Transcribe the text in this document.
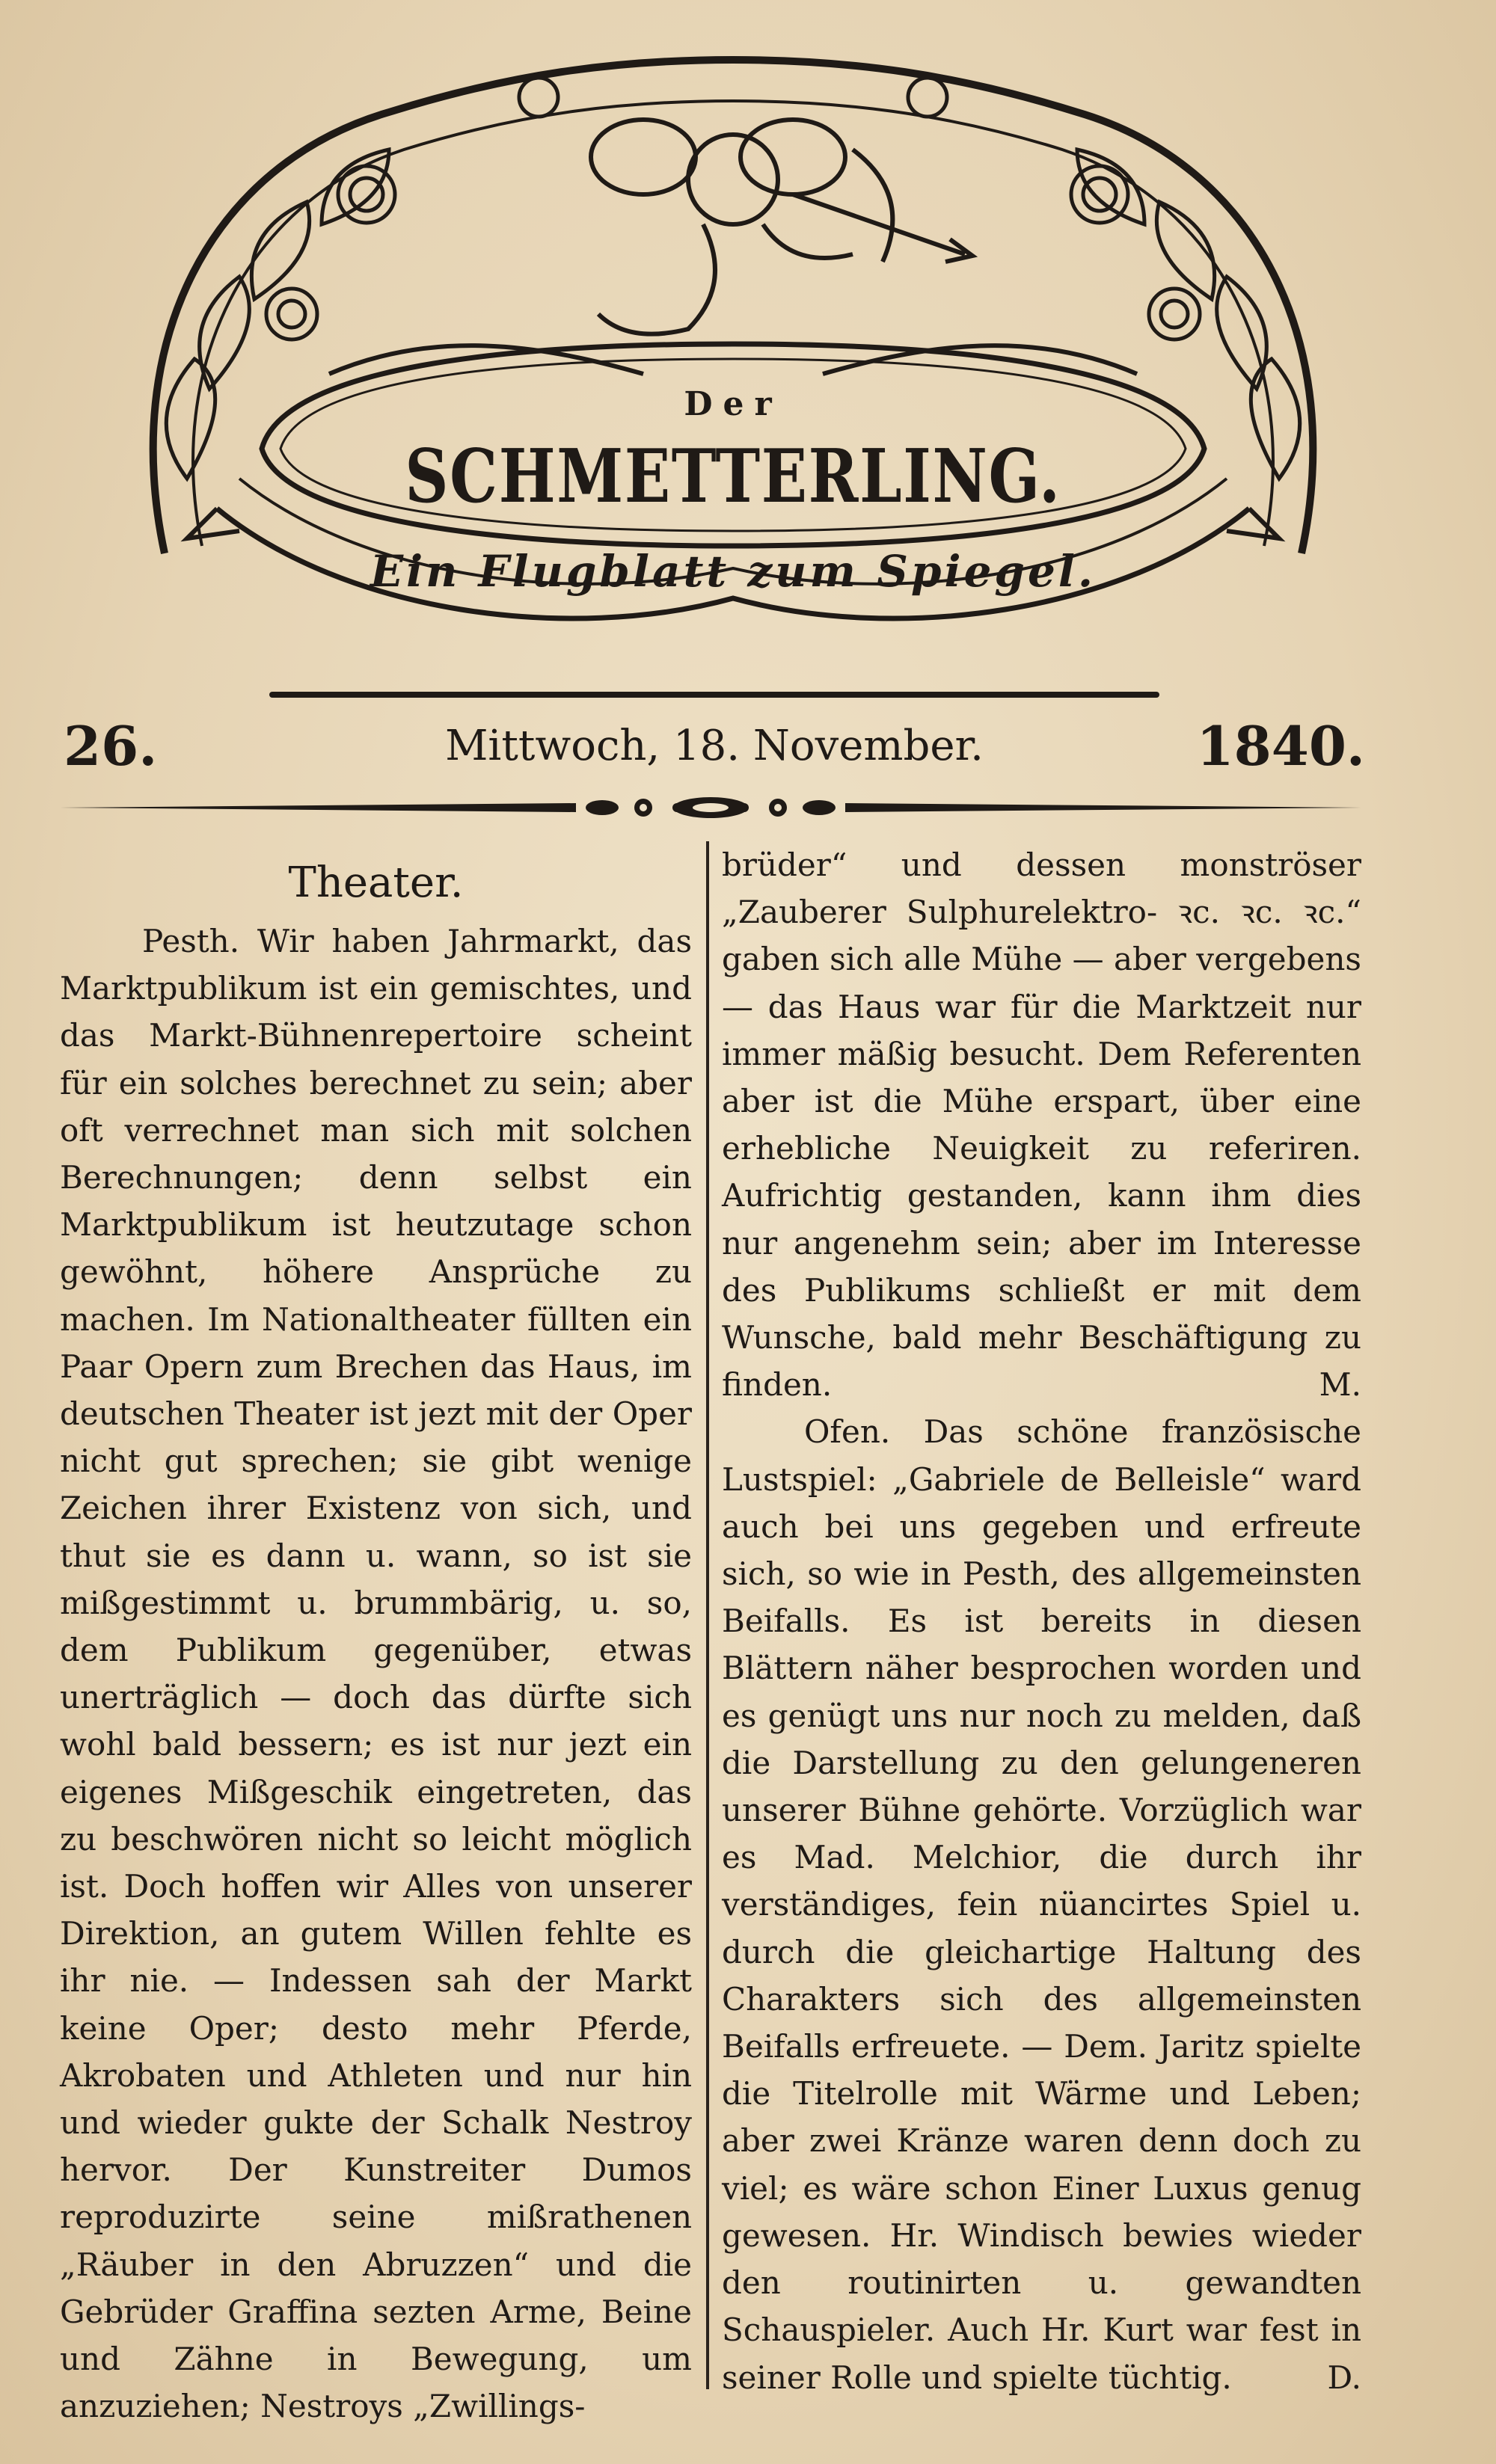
Der
SCHMETTERLING.
Ein Flugblatt zum Spiegel.
26.	Mittwoch, 18. November.	1840.
Theater.

Pesth. Wir haben Jahrmarkt, das Marktpublikum ist ein gemischtes, und das Markt-Bühnenrepertoire scheint für ein solches berechnet zu sein; aber oft verrechnet man sich mit solchen Berechnungen; denn selbst ein Marktpublikum ist heutzutage schon gewöhnt, höhere Ansprüche zu machen. Im Nationaltheater füllten ein Paar Opern zum Brechen das Haus, im deutschen Theater ist jezt mit der Oper nicht gut sprechen; sie gibt wenige Zeichen ihrer Existenz von sich, und thut sie es dann u. wann, so ist sie mißgestimmt u. brummbärig, u. so, dem Publikum gegenüber, etwas unerträglich — doch das dürfte sich wohl bald bessern; es ist nur jezt ein eigenes Mißgeschik eingetreten, das zu beschwören nicht so leicht möglich ist. Doch hoffen wir Alles von unserer Direktion, an gutem Willen fehlte es ihr nie. — Indessen sah der Markt keine Oper; desto mehr Pferde, Akrobaten und Athleten und nur hin und wieder gukte der Schalk Nestroy hervor. Der Kunstreiter Dumos reproduzirte seine mißrathenen „Räuber in den Abruzzen“ und die Gebrüder Graffina sezten Arme, Beine und Zähne in Bewegung, um anzuziehen; Nestroys „Zwillings-

brüder“ und dessen monströser „Zauberer Sulphurelektro- ꝛc. ꝛc. ꝛc.“ gaben sich alle Mühe — aber vergebens — das Haus war für die Marktzeit nur immer mäßig besucht. Dem Referenten aber ist die Mühe erspart, über eine erhebliche Neuigkeit zu referiren. Aufrichtig gestanden, kann ihm dies nur angenehm sein; aber im Interesse des Publikums schließt er mit dem Wunsche, bald mehr Beschäftigung zu finden.	M.

Ofen. Das schöne französische Lustspiel: „Gabriele de Belleisle“ ward auch bei uns gegeben und erfreute sich, so wie in Pesth, des allgemeinsten Beifalls. Es ist bereits in diesen Blättern näher besprochen worden und es genügt uns nur noch zu melden, daß die Darstellung zu den gelungeneren unserer Bühne gehörte. Vorzüglich war es Mad. Melchior, die durch ihr verständiges, fein nüancirtes Spiel u. durch die gleichartige Haltung des Charakters sich des allgemeinsten Beifalls erfreuete. — Dem. Jaritz spielte die Titelrolle mit Wärme und Leben; aber zwei Kränze waren denn doch zu viel; es wäre schon Einer Luxus genug gewesen. Hr. Windisch bewies wieder den routinirten u. gewandten Schauspieler. Auch Hr. Kurt war fest in seiner Rolle und spielte tüchtig.	D.
